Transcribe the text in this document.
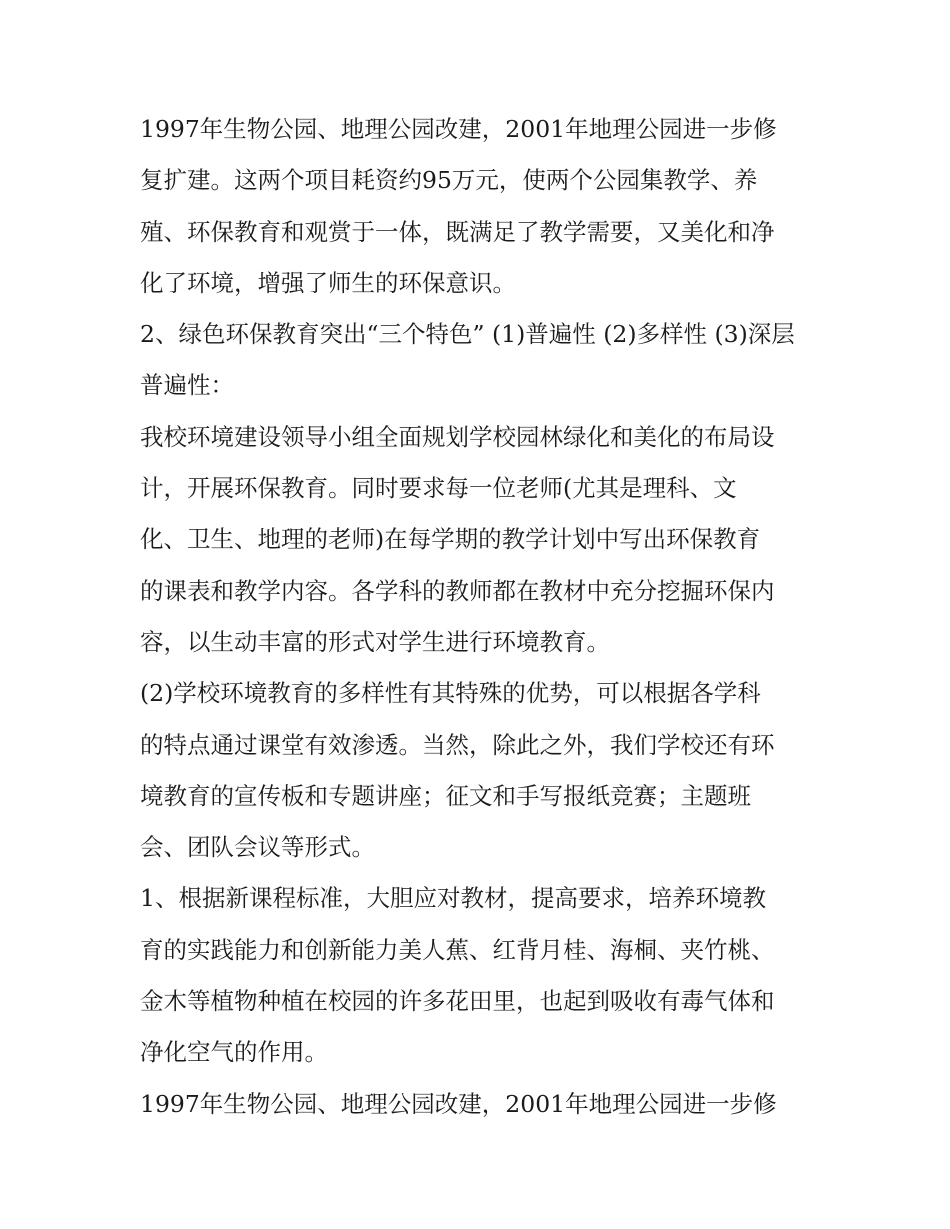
1997年生物公园、地理公园改建，2001年地理公园进一步修
复扩建。这两个项目耗资约95万元，使两个公园集教学、养
殖、环保教育和观赏于一体，既满足了教学需要，又美化和净
化了环境，增强了师生的环保意识。
2、绿色环保教育突出“三个特色” (1)普遍性 (2)多样性 (3)深层
普遍性：
我校环境建设领导小组全面规划学校园林绿化和美化的布局设
计，开展环保教育。同时要求每一位老师(尤其是理科、文
化、卫生、地理的老师)在每学期的教学计划中写出环保教育
的课表和教学内容。各学科的教师都在教材中充分挖掘环保内
容，以生动丰富的形式对学生进行环境教育。
(2)学校环境教育的多样性有其特殊的优势，可以根据各学科
的特点通过课堂有效渗透。当然，除此之外，我们学校还有环
境教育的宣传板和专题讲座；征文和手写报纸竞赛；主题班
会、团队会议等形式。
1、根据新课程标准，大胆应对教材，提高要求，培养环境教
育的实践能力和创新能力美人蕉、红背月桂、海桐、夹竹桃、
金木等植物种植在校园的许多花田里，也起到吸收有毒气体和
净化空气的作用。
1997年生物公园、地理公园改建，2001年地理公园进一步修
